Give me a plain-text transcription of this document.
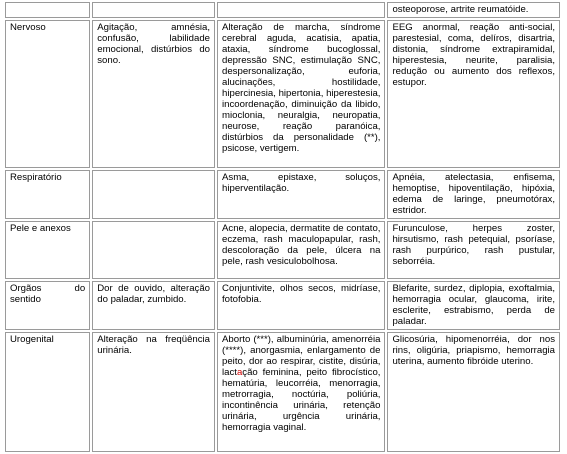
			osteoporose, artrite reumatóide.
Nervoso	Agitação, amnésia, confusão, labilidade emocional, distúrbios do sono.	Alteração de marcha, síndrome cerebral aguda, acatisia, apatia, ataxia, síndrome bucoglossal, depressão SNC, estimulação SNC, despersonalização, euforia, alucinações, hostilidade, hipercinesia, hipertonia, hiperestesia, incoordenação, diminuição da libido, mioclonia, neuralgia, neuropatia, neurose, reação paranóica, distúrbios da personalidade (**), psicose, vertigem.	EEG anormal, reação anti-social, parestesial, coma, delíros, disartria, distonia, síndrome extrapiramidal, hiperestesia, neurite, paralisia, redução ou aumento dos reflexos, estupor.
Respiratório		Asma, epistaxe, soluços, hiperventilação.	Apnéia, atelectasia, enfisema, hemoptise, hipoventilação, hipóxia, edema de laringe, pneumotórax, estridor.
Pele e anexos		Acne, alopecia, dermatite de contato, eczema, rash maculopapular, rash, descoloração da pele, úlcera na pele, rash vesiculobolhosa.	Furunculose, herpes zoster, hirsutismo, rash petequial, psoríase, rash purpúrico, rash pustular, seborréia.
Orgãos do sentido	Dor de ouvido, alteração do paladar, zumbido.	Conjuntivite, olhos secos, midríase, fotofobia.	Blefarite, surdez, diplopia, exoftalmia, hemorragia ocular, glaucoma, irite, esclerite, estrabismo, perda de paladar.
Urogenital	Alteração na freqüência urinária.	Aborto (***), albuminúria, amenorréia (****), anorgasmia, enlargamento de peito, dor ao respirar, cistite, disúria, lactação feminina, peito fibrocístico, hematúria, leucorréia, menorragia, metrorragia, noctúria, poliúria, incontinência urinária, retenção urinária, urgência urinária, hemorragia vaginal.	Glicosúria, hipomenorréia, dor nos rins, oligúria, priapismo, hemorragia uterina, aumento fibróide uterino.
